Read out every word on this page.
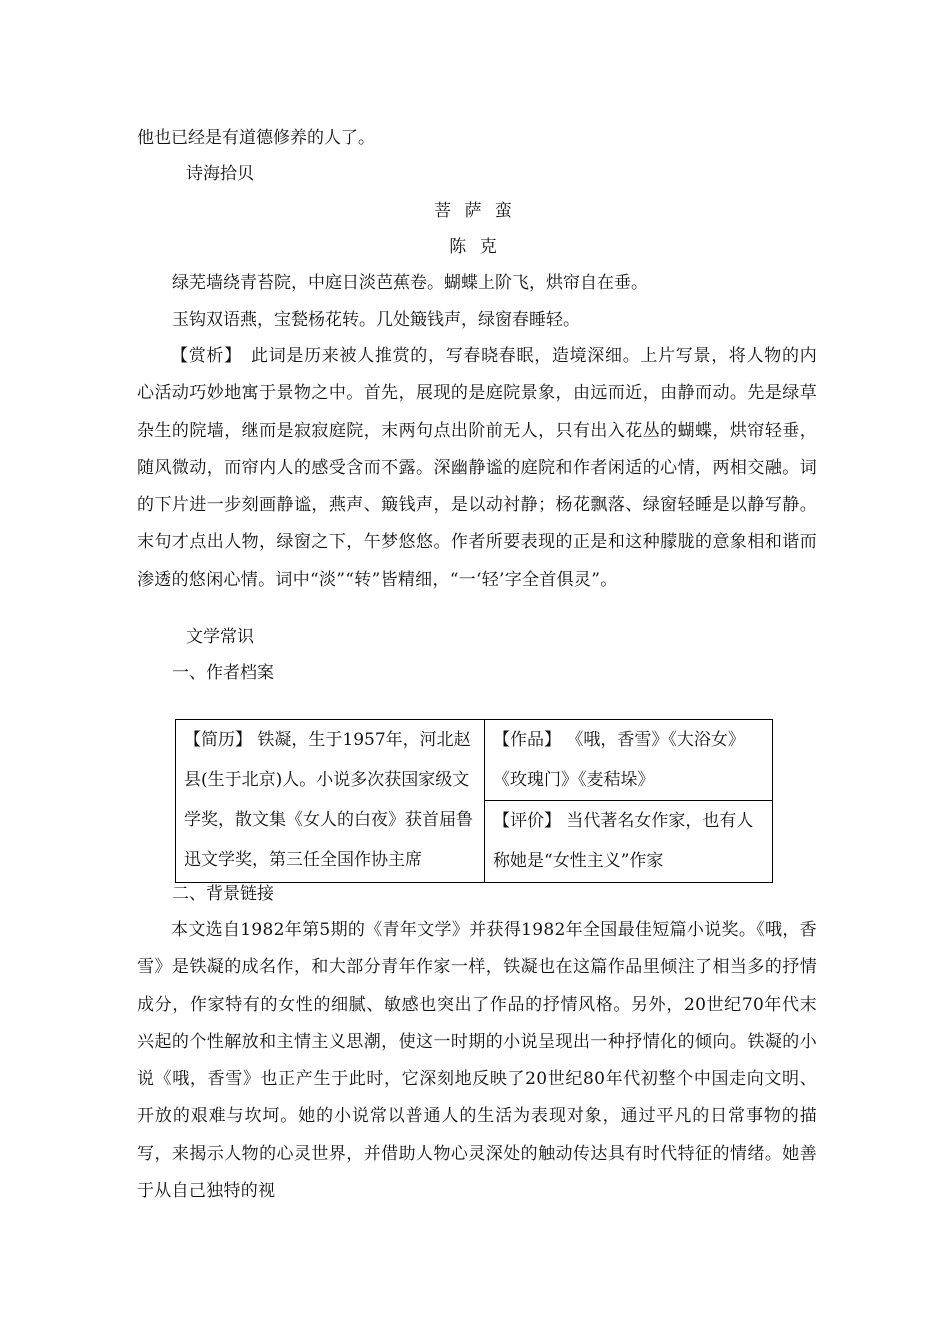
他也已经是有道德修养的人了。
诗海拾贝
菩 萨 蛮
陈 克
绿芜墙绕青苔院，中庭日淡芭蕉卷。蝴蝶上阶飞，烘帘自在垂。
玉钩双语燕，宝甃杨花转。几处簸钱声，绿窗春睡轻。
【赏析】　此词是历来被人推赏的，写春晓春眠，造境深细。上片写景，将人物的内心活动巧妙地寓于景物之中。首先，展现的是庭院景象，由远而近，由静而动。先是绿草杂生的院墙，继而是寂寂庭院，末两句点出阶前无人，只有出入花丛的蝴蝶，烘帘轻垂，随风微动，而帘内人的感受含而不露。深幽静谧的庭院和作者闲适的心情，两相交融。词的下片进一步刻画静谧，燕声、簸钱声，是以动衬静；杨花飘落、绿窗轻睡是以静写静。末句才点出人物，绿窗之下，午梦悠悠。作者所要表现的正是和这种朦胧的意象相和谐而渗透的悠闲心情。词中“淡”“转”皆精细，“一‘轻’字全首俱灵”。
文学常识
一、作者档案
【简历】 铁凝，生于1957年，河北赵县(生于北京)人。小说多次获国家级文学奖，散文集《女人的白夜》获首届鲁迅文学奖，第三任全国作协主席	【作品】 《哦，香雪》《大浴女》《玫瑰门》《麦秸垛》
【评价】 当代著名女作家，也有人称她是“女性主义”作家
二、背景链接
本文选自1982年第5期的《青年文学》并获得1982年全国最佳短篇小说奖。《哦，香雪》是铁凝的成名作，和大部分青年作家一样，铁凝也在这篇作品里倾注了相当多的抒情成分，作家特有的女性的细腻、敏感也突出了作品的抒情风格。另外，20世纪70年代末兴起的个性解放和主情主义思潮，使这一时期的小说呈现出一种抒情化的倾向。铁凝的小说《哦，香雪》也正产生于此时，它深刻地反映了20世纪80年代初整个中国走向文明、开放的艰难与坎坷。她的小说常以普通人的生活为表现对象，通过平凡的日常事物的描写，来揭示人物的心灵世界，并借助人物心灵深处的触动传达具有时代特征的情绪。她善于从自己独特的视
